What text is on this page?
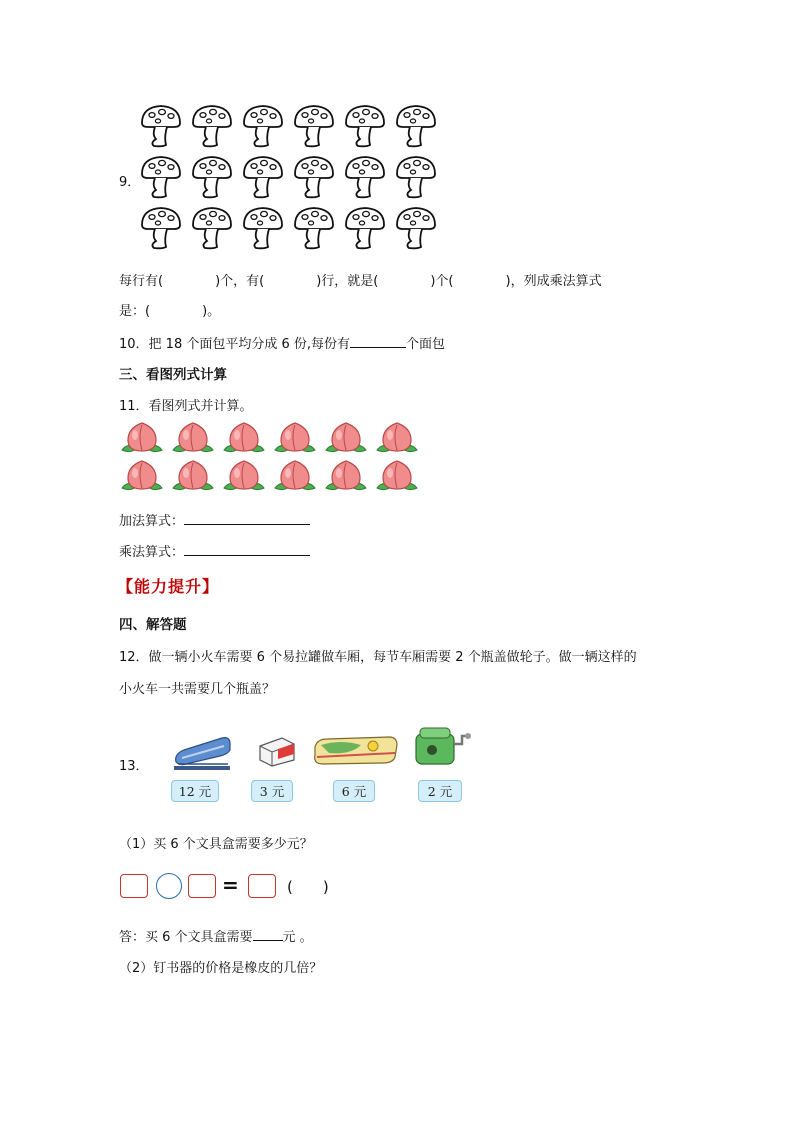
9．
每行有(　　　　)个，有(　　　　)行，就是(　　　　)个(　　　　)，列成乘法算式
是：(　　　　)。
10．把 18 个面包平均分成 6 份,每份有	个面包
三、看图列式计算
11．看图列式并计算。
加法算式：
乘法算式：
【能力提升】
四、解答题
12．做一辆小火车需要 6 个易拉罐做车厢，每节车厢需要 2 个瓶盖做轮子。做一辆这样的
小火车一共需要几个瓶盖？
13．
12 元	3 元	6 元	2 元
（1）买 6 个文具盒需要多少元？
=	(　　)
答：买 6 个文具盒需要 元 。
（2）钉书器的价格是橡皮的几倍？
